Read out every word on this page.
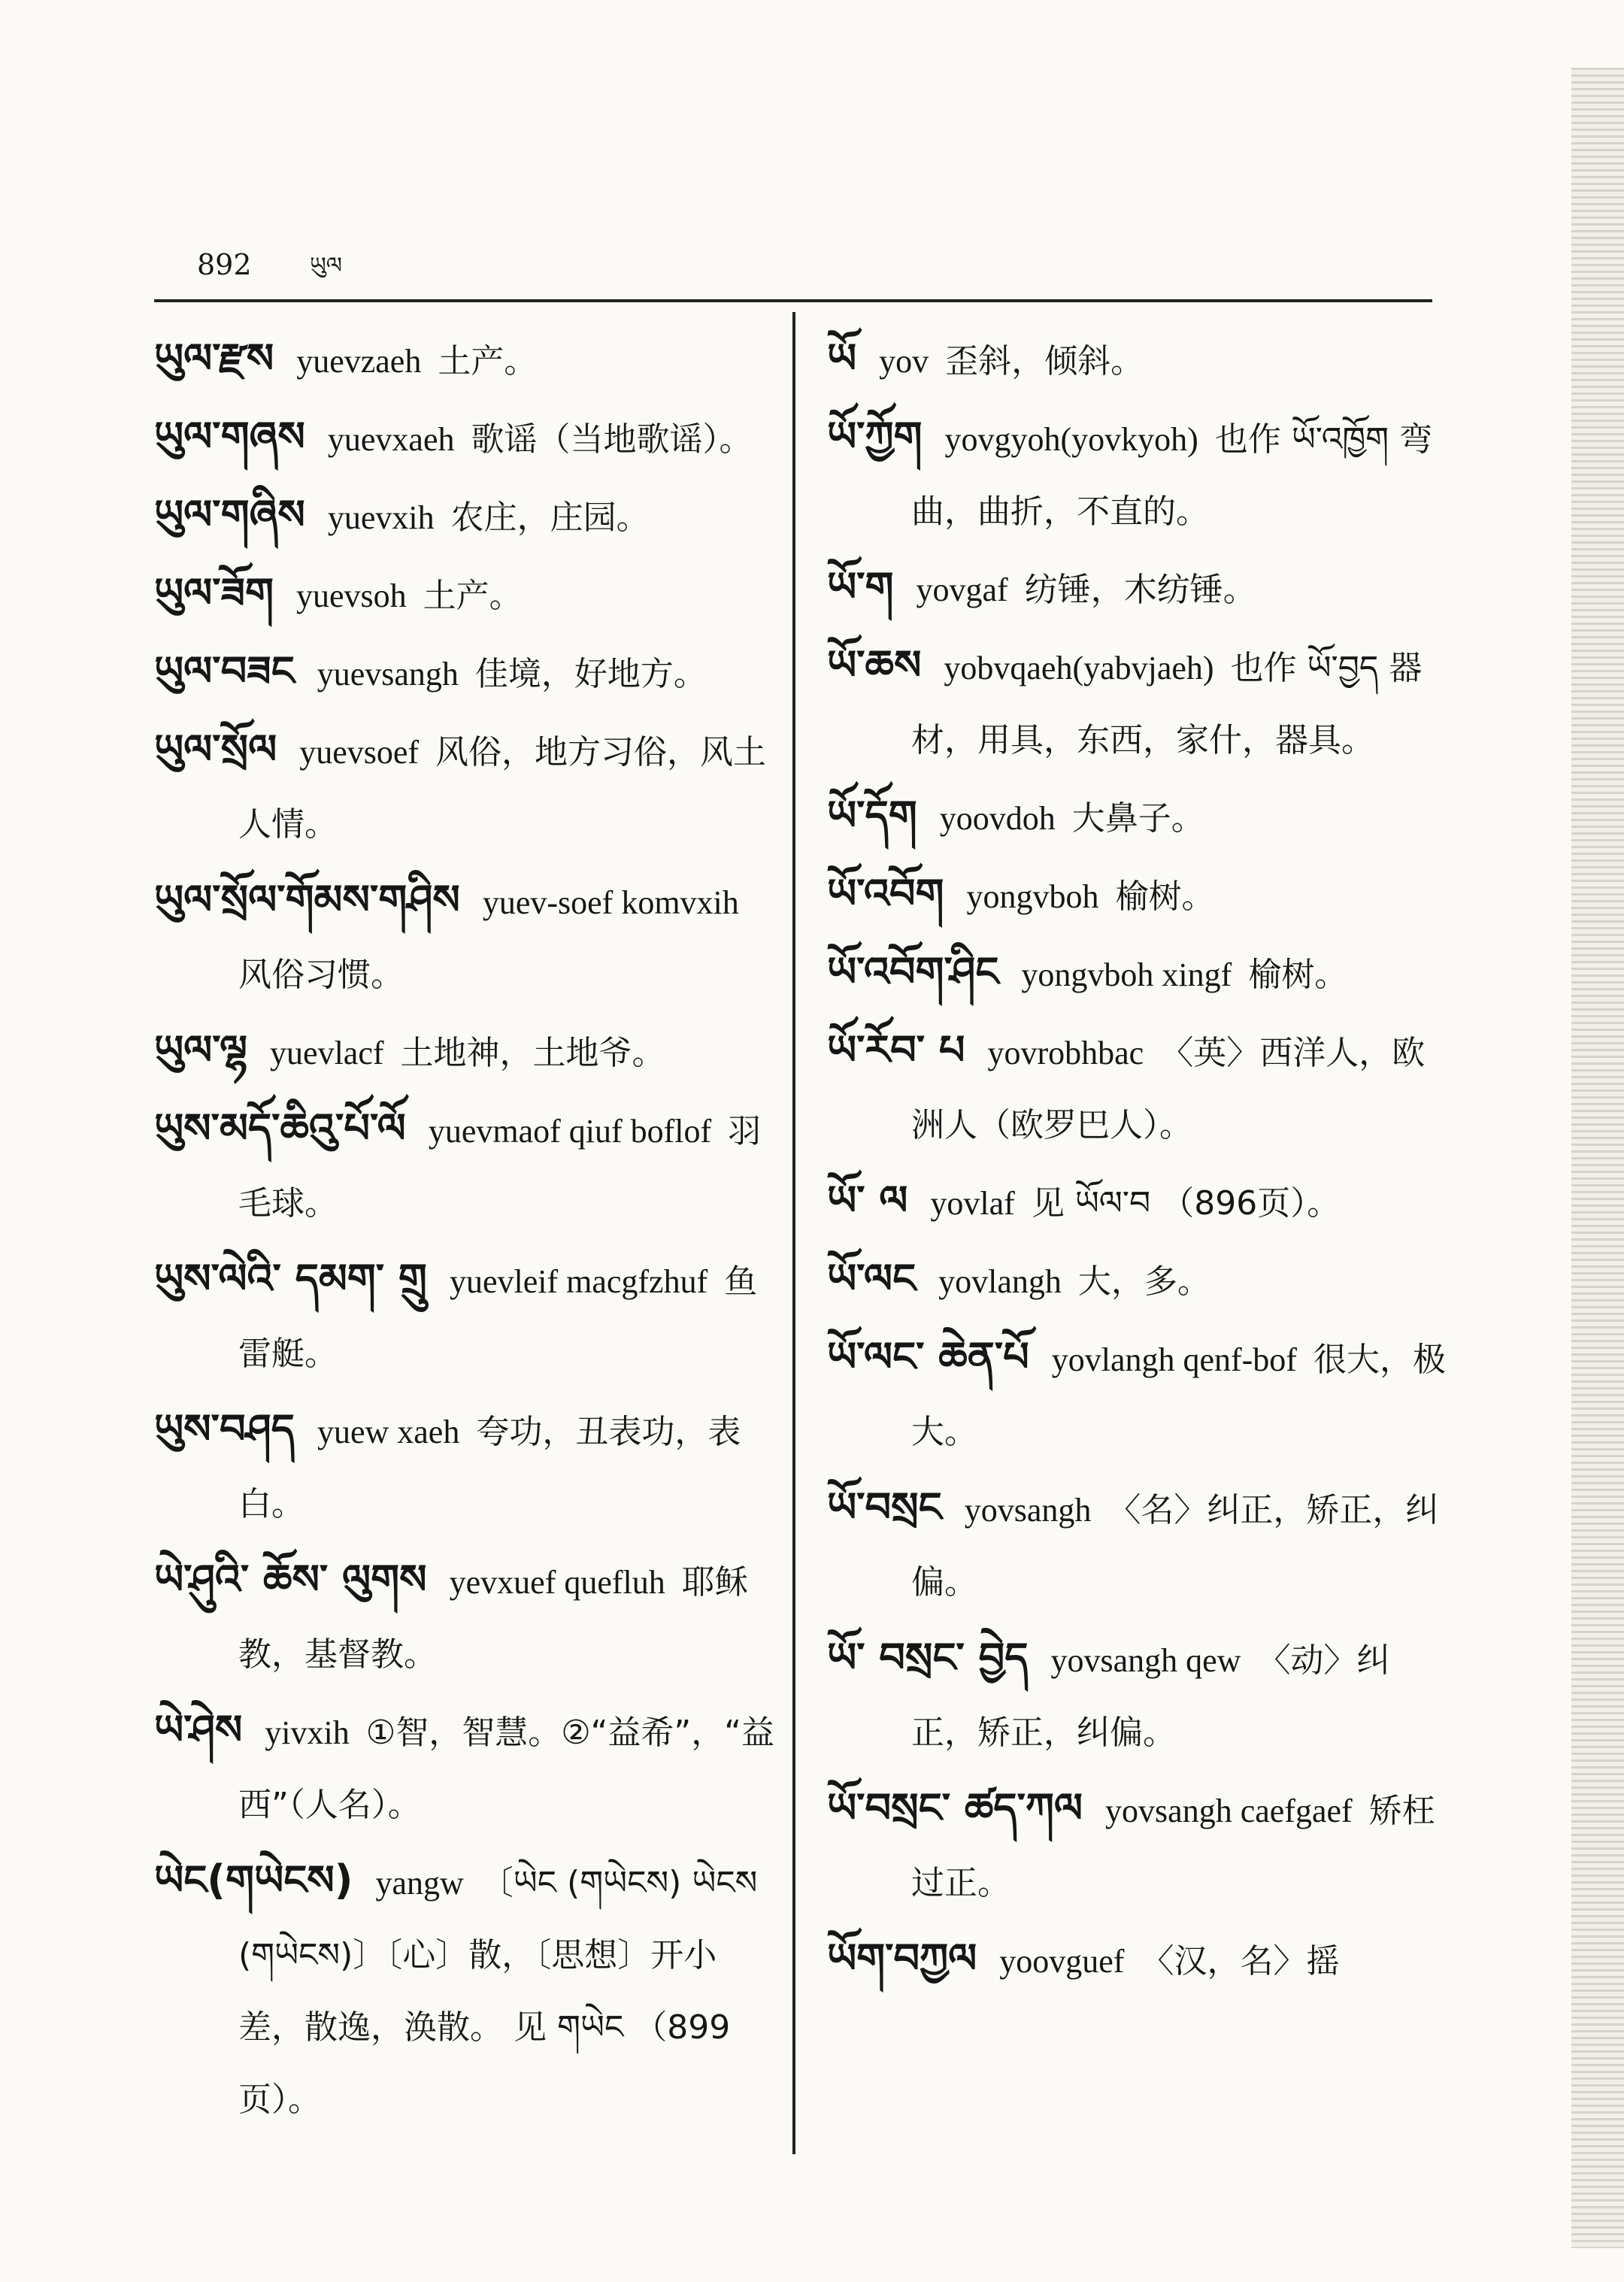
892	ཡུལ
ཡུལ་རྫས yuevzaeh 土产。
ཡུལ་གཞས yuevxaeh 歌谣（当地歌谣）。
ཡུལ་གཞིས yuevxih 农庄，庄园。
ཡུལ་ཟོག yuevsoh 土产。
ཡུལ་བཟང yuevsangh 佳境，好地方。
ཡུལ་སྲོལ yuevsoef 风俗，地方习俗，风土人情。
ཡུལ་སྲོལ་གོམས་གཤིས yuev-soef komvxih风俗习惯。
ཡུལ་ལྷ yuevlacf 土地神，土地爷。
ཡུས་མདོ་ཆིའུ་པོ་ལོ yuevmaof qiuf boflof 羽毛球。
ཡུས་ལེའི་ དམག་ གྲུ yuevleif macgfzhuf 鱼雷艇。
ཡུས་བཤད yuew xaeh 夸功，丑表功，表白。
ཡེ་ཤུའི་ ཆོས་ ལུགས yevxuef quefluh 耶稣教，基督教。
ཡེ་ཤེས yivxih ①智，智慧。②“益希”，“益西”（人名）。
ཡེང(གཡེངས) yangw 〔ཡེང (གཡེངས) ཡེངས (གཡེངས)〕〔心〕散，〔思想〕开小差，散逸，涣散。 见 གཡེང （899页）。
ཡོ yov 歪斜，倾斜。
ཡོ་ཀྱོག yovgyoh(yovkyoh) 也作 ཡོ་འཁྱོག 弯曲，曲折，不直的。
ཡོ་ག yovgaf 纺锤，木纺锤。
ཡོ་ཆས yobvqaeh(yabvjaeh) 也作 ཡོ་བྱད 器材，用具，东西，家什，器具。
ཡོ་དོག yoovdoh 大鼻子。
ཡོ་འབོག yongvboh 榆树。
ཡོ་འབོག་ཤིང yongvboh xingf 榆树。
ཡོ་རོབ་ པ yovrobhbac 〈英〉西洋人，欧洲人（欧罗巴人）。
ཡོ་ ལ yovlaf 见 ཡོལ་བ （896页）。
ཡོ་ལང yovlangh 大，多。
ཡོ་ལང་ ཆེན་པོ yovlangh qenf-bof 很大，极大。
ཡོ་བསྲང yovsangh 〈名〉纠正，矫正，纠偏。
ཡོ་ བསྲང་ བྱེད yovsangh qew 〈动〉纠正，矫正，纠偏。
ཡོ་བསྲང་ ཚད་ཀལ yovsangh caefgaef 矫枉过正。
ཡོག་བཀྱལ yoovguef 〈汉，名〉摇
